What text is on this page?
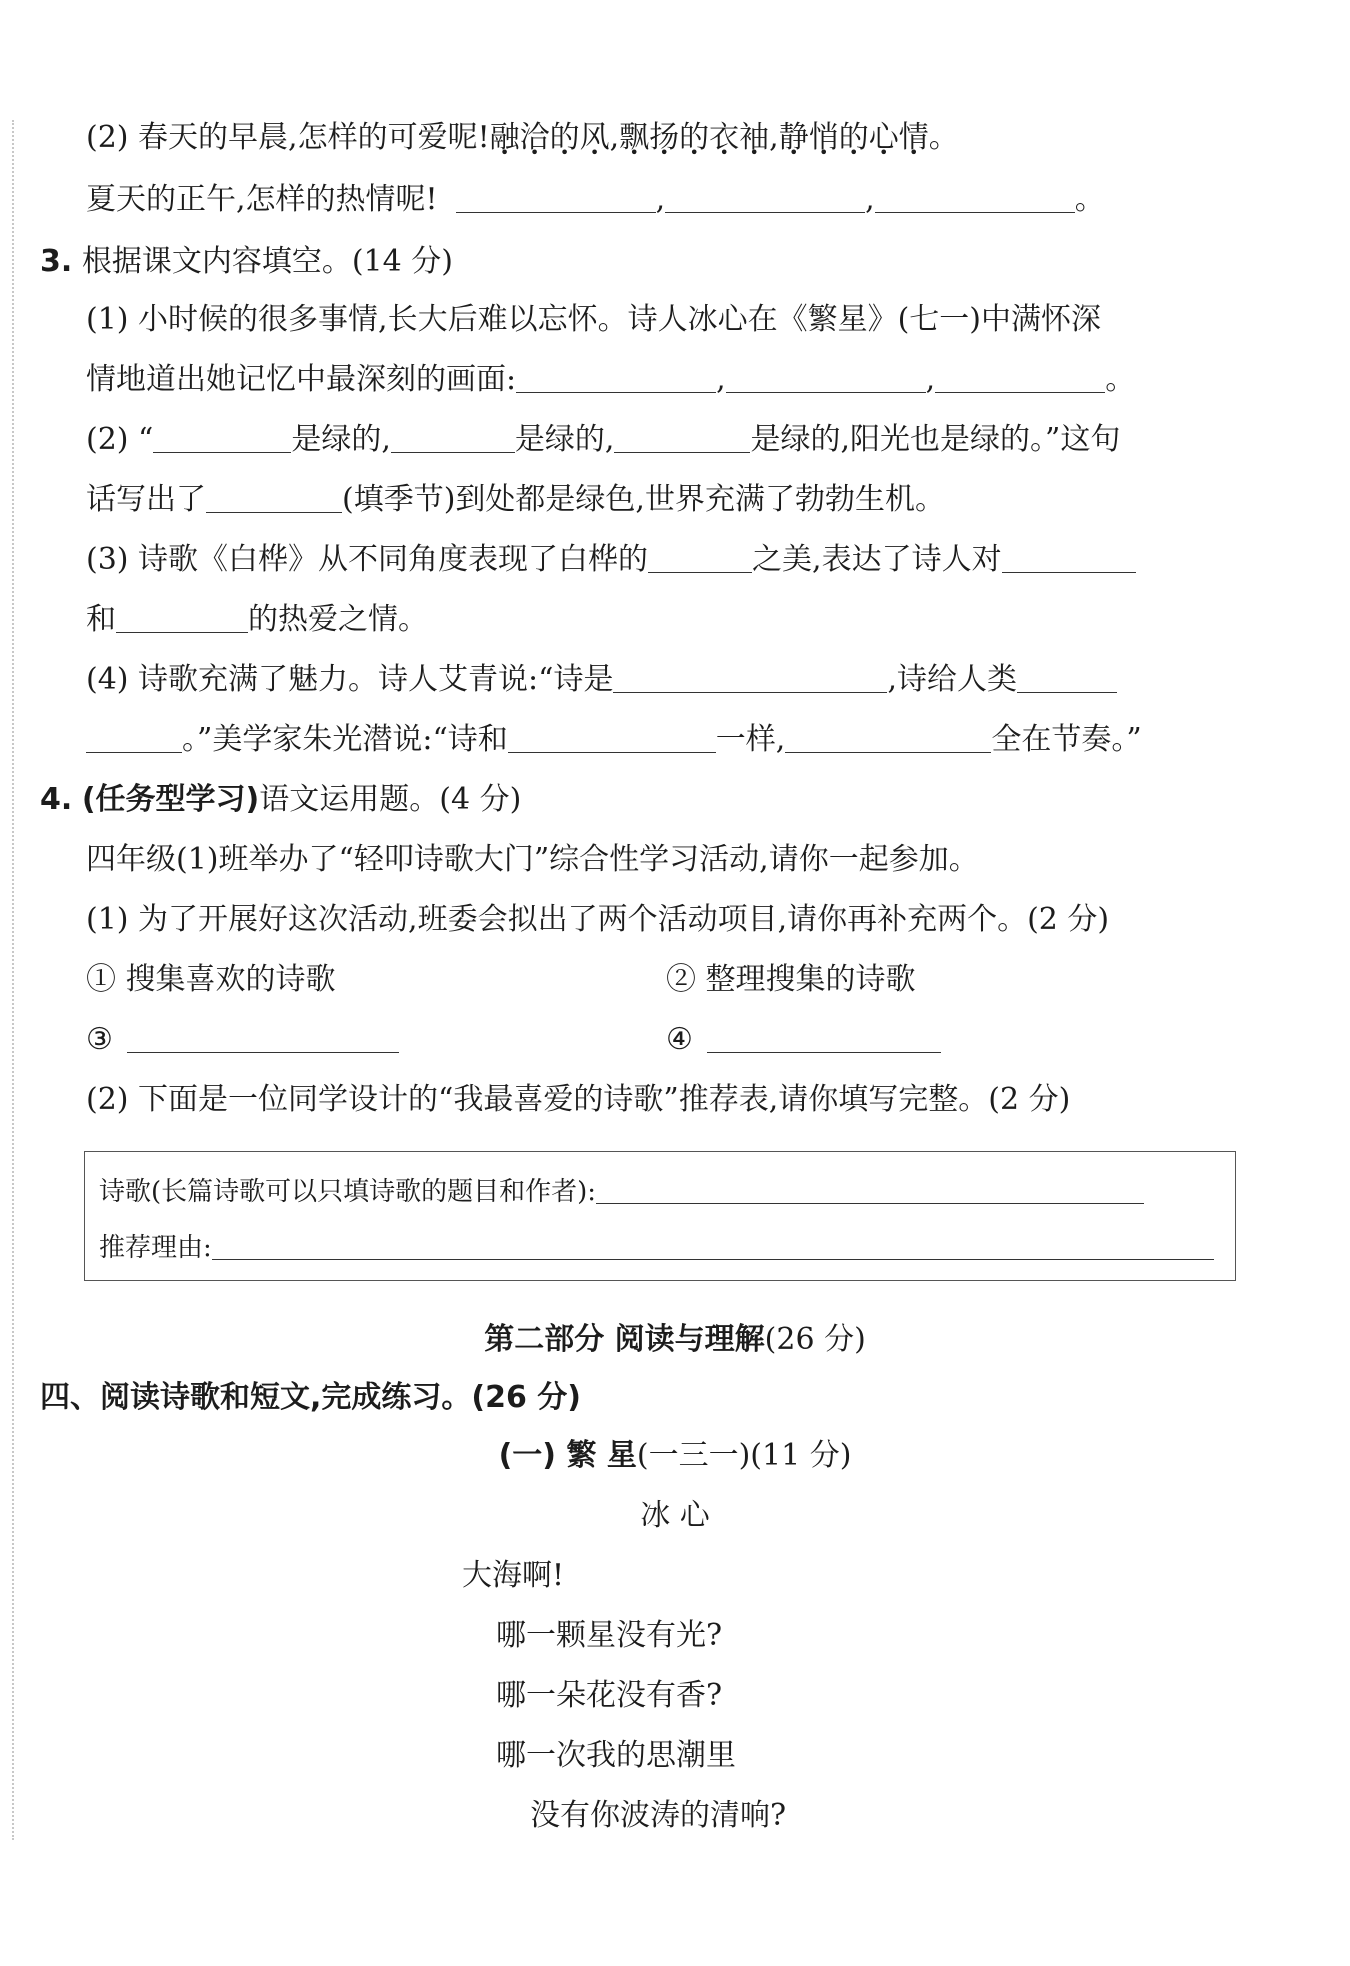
(2) 春天的早晨,怎样的可爱呢!融洽的风,飘扬的衣袖,静悄的心情。
夏天的正午,怎样的热情呢!	,	,	。
3. 根据课文内容填空。(14 分)
(1) 小时候的很多事情,长大后难以忘怀。诗人冰心在《繁星》(七一)中满怀深
情地道出她记忆中最深刻的画面:	,	,	。
(2) “	是绿的,	是绿的,	是绿的,阳光也是绿的。”这句
话写出了	(填季节)到处都是绿色,世界充满了勃勃生机。
(3) 诗歌《白桦》从不同角度表现了白桦的	之美,表达了诗人对
和	的热爱之情。
(4) 诗歌充满了魅力。诗人艾青说:“诗是	,诗给人类
。”美学家朱光潜说:“诗和	一样,	全在节奏。”
4. (任务型学习)语文运用题。(4 分)
四年级(1)班举办了“轻叩诗歌大门”综合性学习活动,请你一起参加。
(1) 为了开展好这次活动,班委会拟出了两个活动项目,请你再补充两个。(2 分)
① 搜集喜欢的诗歌	② 整理搜集的诗歌
③	④
(2) 下面是一位同学设计的“我最喜爱的诗歌”推荐表,请你填写完整。(2 分)
诗歌(长篇诗歌可以只填诗歌的题目和作者):
推荐理由:
第二部分 阅读与理解(26 分)
四、阅读诗歌和短文,完成练习。(26 分)
(一) 繁 星(一三一)(11 分)
冰 心
大海啊!
哪一颗星没有光?
哪一朵花没有香?
哪一次我的思潮里
没有你波涛的清响?
